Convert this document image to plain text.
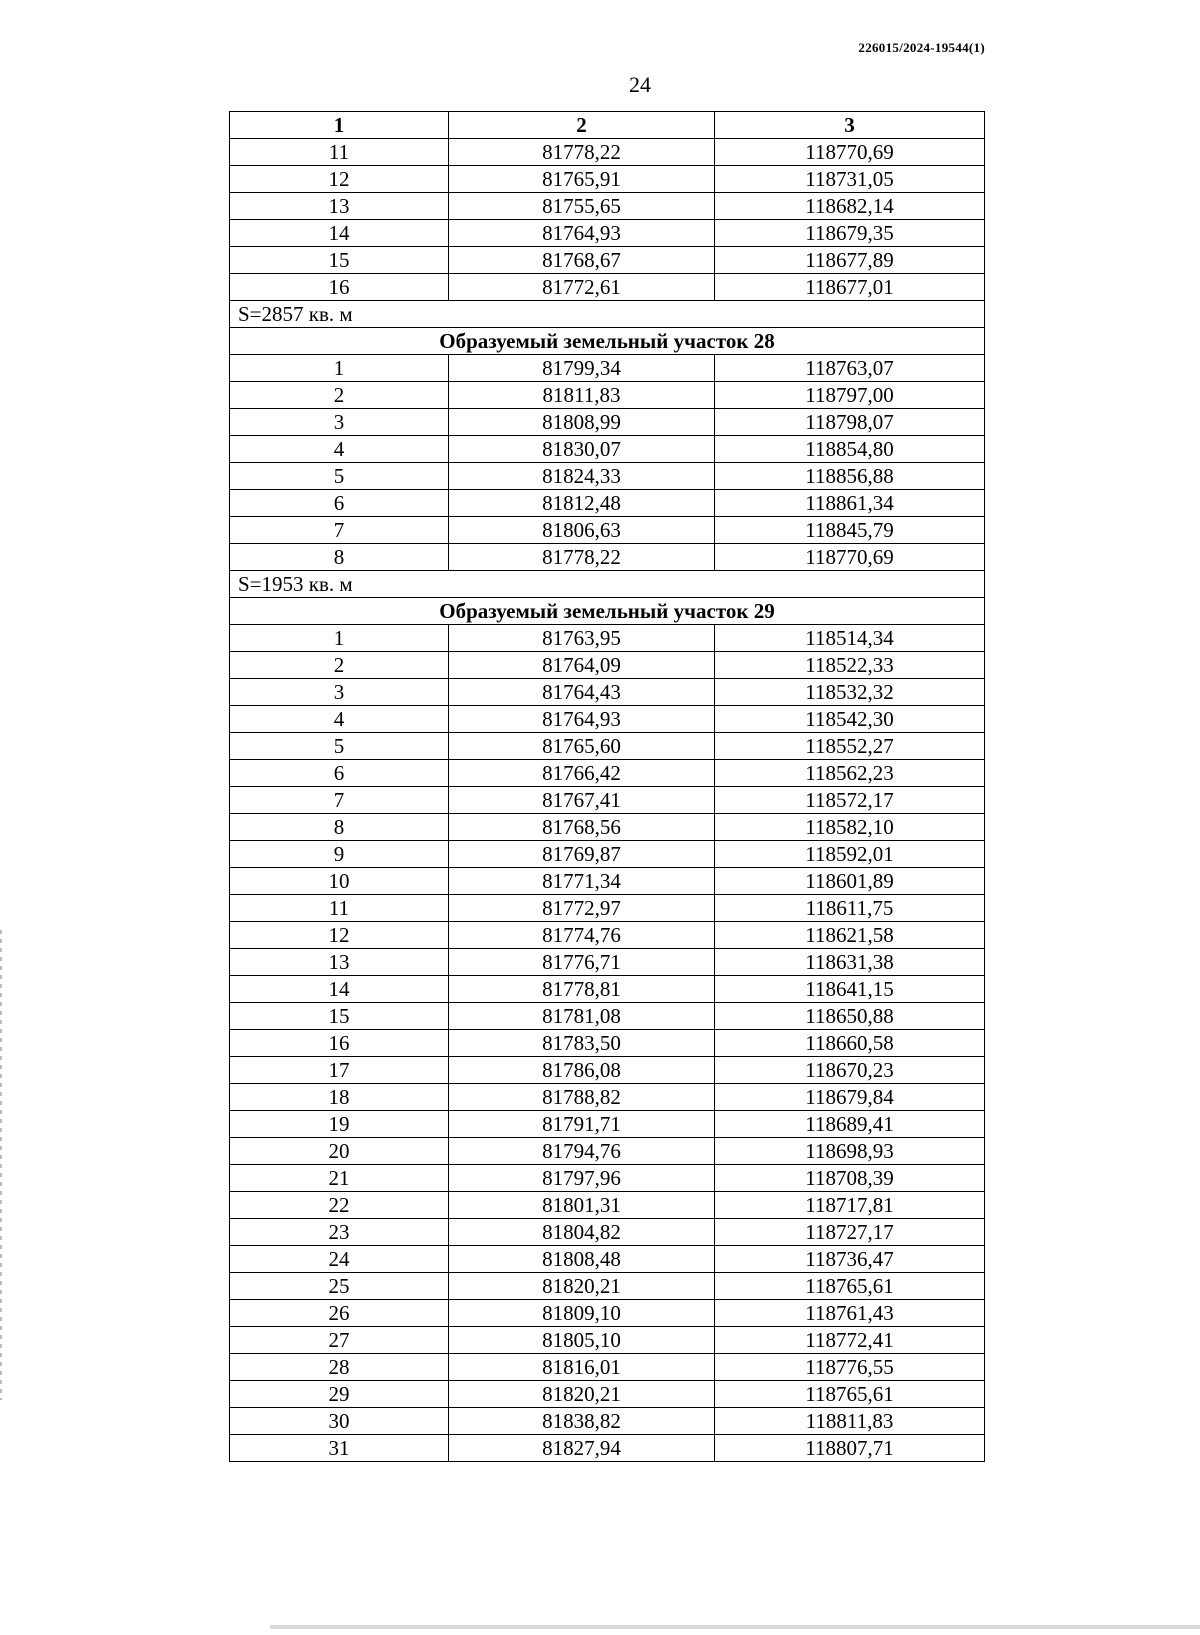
226015/2024-19544(1)
24
1	2	3
11	81778,22	118770,69
12	81765,91	118731,05
13	81755,65	118682,14
14	81764,93	118679,35
15	81768,67	118677,89
16	81772,61	118677,01
S=2857 кв. м		
Образуемый земельный участок 28		
1	81799,34	118763,07
2	81811,83	118797,00
3	81808,99	118798,07
4	81830,07	118854,80
5	81824,33	118856,88
6	81812,48	118861,34
7	81806,63	118845,79
8	81778,22	118770,69
S=1953 кв. м		
Образуемый земельный участок 29		
1	81763,95	118514,34
2	81764,09	118522,33
3	81764,43	118532,32
4	81764,93	118542,30
5	81765,60	118552,27
6	81766,42	118562,23
7	81767,41	118572,17
8	81768,56	118582,10
9	81769,87	118592,01
10	81771,34	118601,89
11	81772,97	118611,75
12	81774,76	118621,58
13	81776,71	118631,38
14	81778,81	118641,15
15	81781,08	118650,88
16	81783,50	118660,58
17	81786,08	118670,23
18	81788,82	118679,84
19	81791,71	118689,41
20	81794,76	118698,93
21	81797,96	118708,39
22	81801,31	118717,81
23	81804,82	118727,17
24	81808,48	118736,47
25	81820,21	118765,61
26	81809,10	118761,43
27	81805,10	118772,41
28	81816,01	118776,55
29	81820,21	118765,61
30	81838,82	118811,83
31	81827,94	118807,71
